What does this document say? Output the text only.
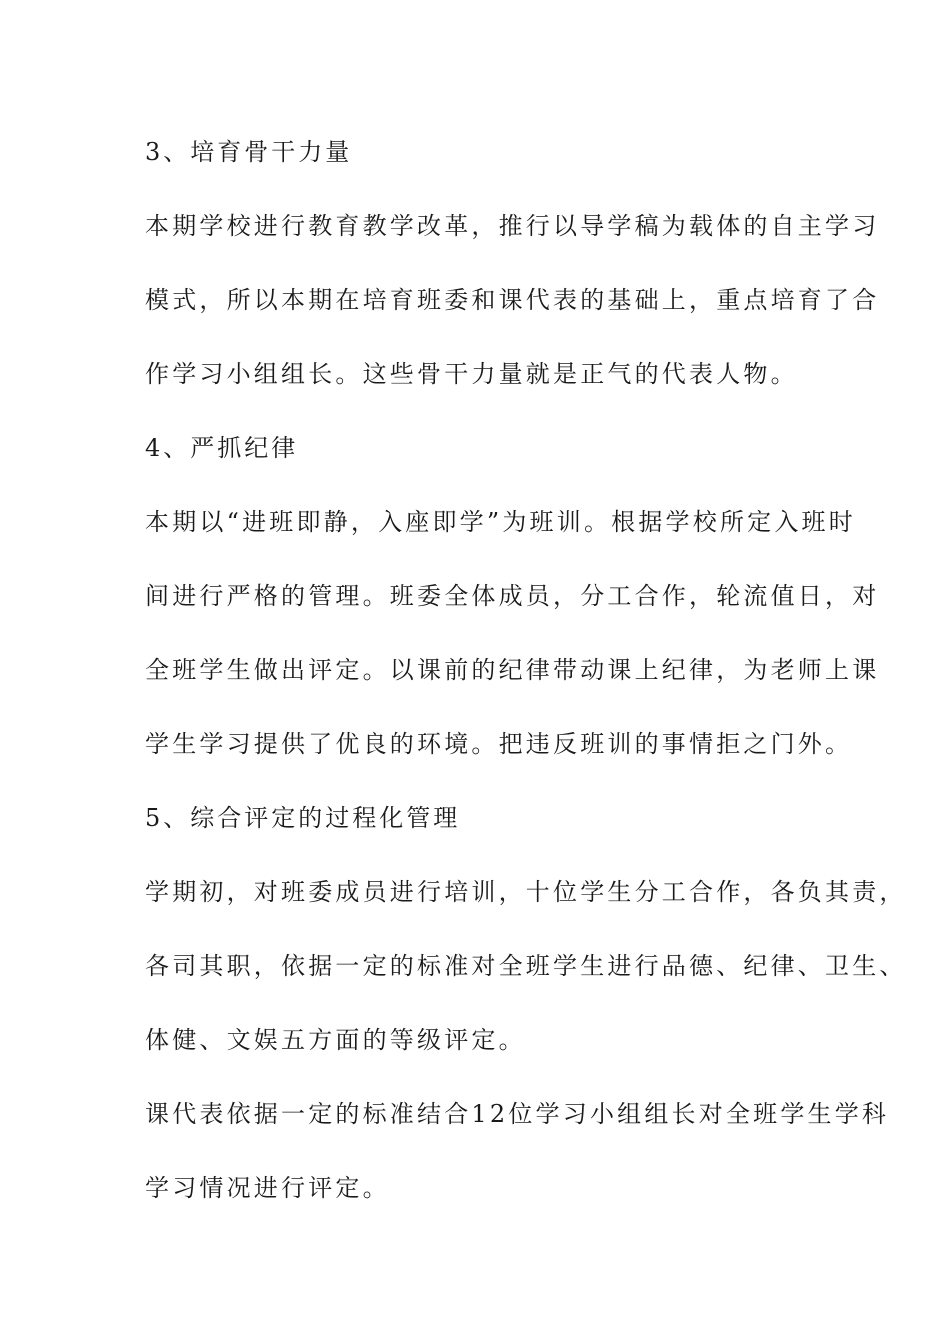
3、培育骨干力量
本期学校进行教育教学改革，推行以导学稿为载体的自主学习
模式，所以本期在培育班委和课代表的基础上，重点培育了合
作学习小组组长。这些骨干力量就是正气的代表人物。
4、严抓纪律
本期以“进班即静，入座即学”为班训。根据学校所定入班时
间进行严格的管理。班委全体成员，分工合作，轮流值日，对
全班学生做出评定。以课前的纪律带动课上纪律，为老师上课
学生学习提供了优良的环境。把违反班训的事情拒之门外。
5、综合评定的过程化管理
学期初，对班委成员进行培训，十位学生分工合作，各负其责，
各司其职，依据一定的标准对全班学生进行品德、纪律、卫生、
体健、文娱五方面的等级评定。
课代表依据一定的标准结合12位学习小组组长对全班学生学科
学习情况进行评定。
